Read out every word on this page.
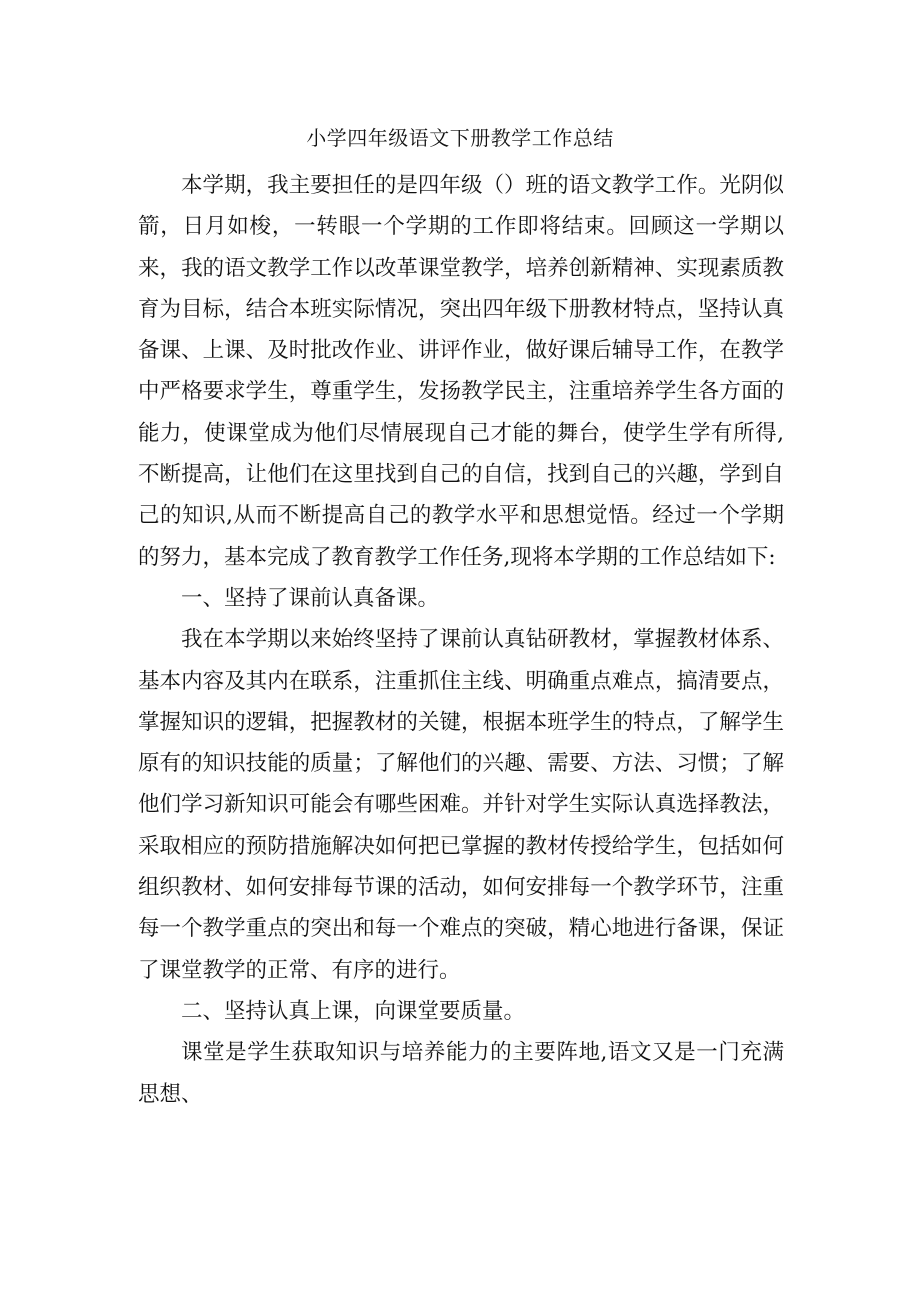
小学四年级语文下册教学工作总结

本学期，我主要担任的是四年级（）班的语文教学工作。光阴似箭，日月如梭，一转眼一个学期的工作即将结束。回顾这一学期以来，我的语文教学工作以改革课堂教学，培养创新精神、实现素质教育为目标，结合本班实际情况，突出四年级下册教材特点，坚持认真备课、上课、及时批改作业、讲评作业，做好课后辅导工作，在教学中严格要求学生，尊重学生，发扬教学民主，注重培养学生各方面的能力，使课堂成为他们尽情展现自己才能的舞台，使学生学有所得,不断提高，让他们在这里找到自己的自信，找到自己的兴趣，学到自己的知识,从而不断提高自己的教学水平和思想觉悟。经过一个学期的努力，基本完成了教育教学工作任务,现将本学期的工作总结如下:

一、坚持了课前认真备课。

我在本学期以来始终坚持了课前认真钻研教材，掌握教材体系、基本内容及其内在联系，注重抓住主线、明确重点难点，搞清要点，掌握知识的逻辑，把握教材的关键，根据本班学生的特点，了解学生原有的知识技能的质量；了解他们的兴趣、需要、方法、习惯；了解他们学习新知识可能会有哪些困难。并针对学生实际认真选择教法，采取相应的预防措施解决如何把已掌握的教材传授给学生，包括如何组织教材、如何安排每节课的活动，如何安排每一个教学环节，注重每一个教学重点的突出和每一个难点的突破，精心地进行备课，保证了课堂教学的正常、有序的进行。

二、坚持认真上课，向课堂要质量。

课堂是学生获取知识与培养能力的主要阵地,语文又是一门充满思想、
